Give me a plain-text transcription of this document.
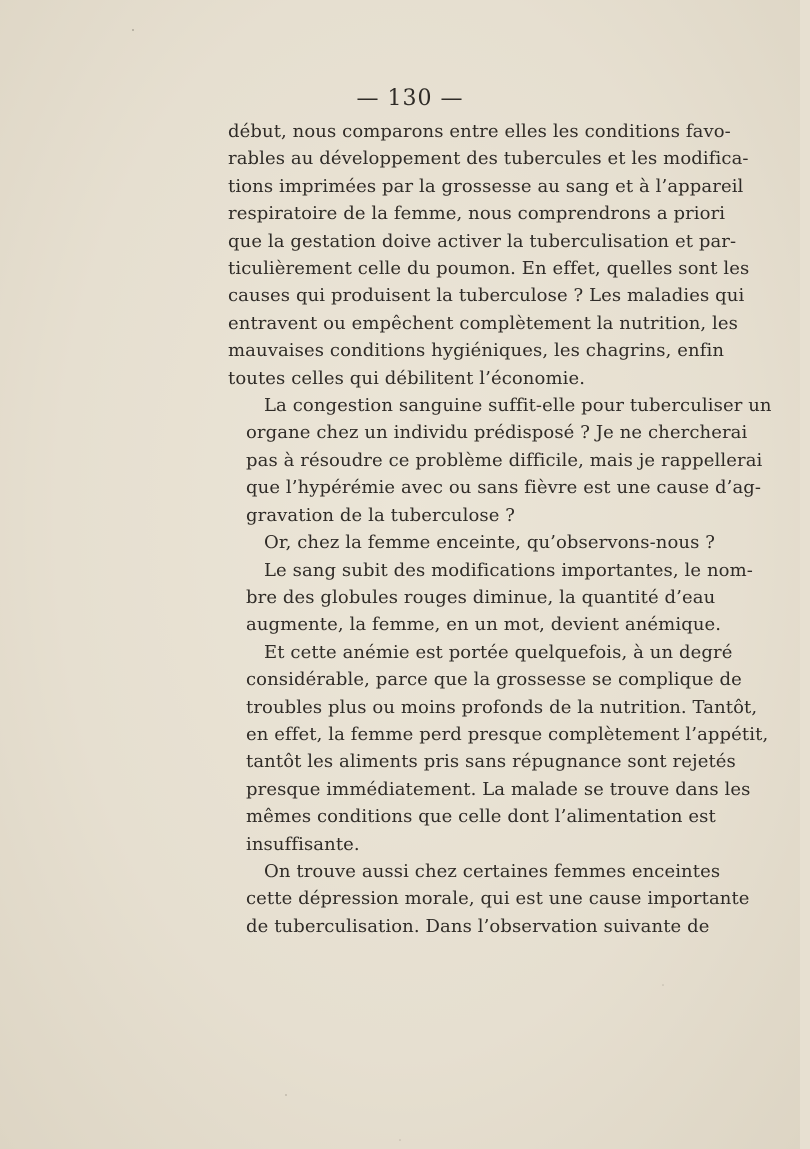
— 130 —
début, nous comparons entre elles les conditions favo-
rables au développement des tubercules et les modifica-
tions imprimées par la grossesse au sang et à l’appareil
respiratoire de la femme, nous comprendrons a priori
que la gestation doive activer la tuberculisation et par-
ticulièrement celle du poumon. En effet, quelles sont les
causes qui produisent la tuberculose ? Les maladies qui
entravent ou empêchent complètement la nutrition, les
mauvaises conditions hygiéniques, les chagrins, enfin
toutes celles qui débilitent l’économie.
La congestion sanguine suffit-elle pour tuberculiser un
organe chez un individu prédisposé ? Je ne chercherai
pas à résoudre ce problème difficile, mais je rappellerai
que l’hypérémie avec ou sans fièvre est une cause d’ag-
gravation de la tuberculose ?
Or, chez la femme enceinte, qu’observons-nous ?
Le sang subit des modifications importantes, le nom-
bre des globules rouges diminue, la quantité d’eau
augmente, la femme, en un mot, devient anémique.
Et cette anémie est portée quelquefois, à un degré
considérable, parce que la grossesse se complique de
troubles plus ou moins profonds de la nutrition. Tantôt,
en effet, la femme perd presque complètement l’appétit,
tantôt les aliments pris sans répugnance sont rejetés
presque immédiatement. La malade se trouve dans les
mêmes conditions que celle dont l’alimentation est
insuffisante.
On trouve aussi chez certaines femmes enceintes
cette dépression morale, qui est une cause importante
de tuberculisation. Dans l’observation suivante de
